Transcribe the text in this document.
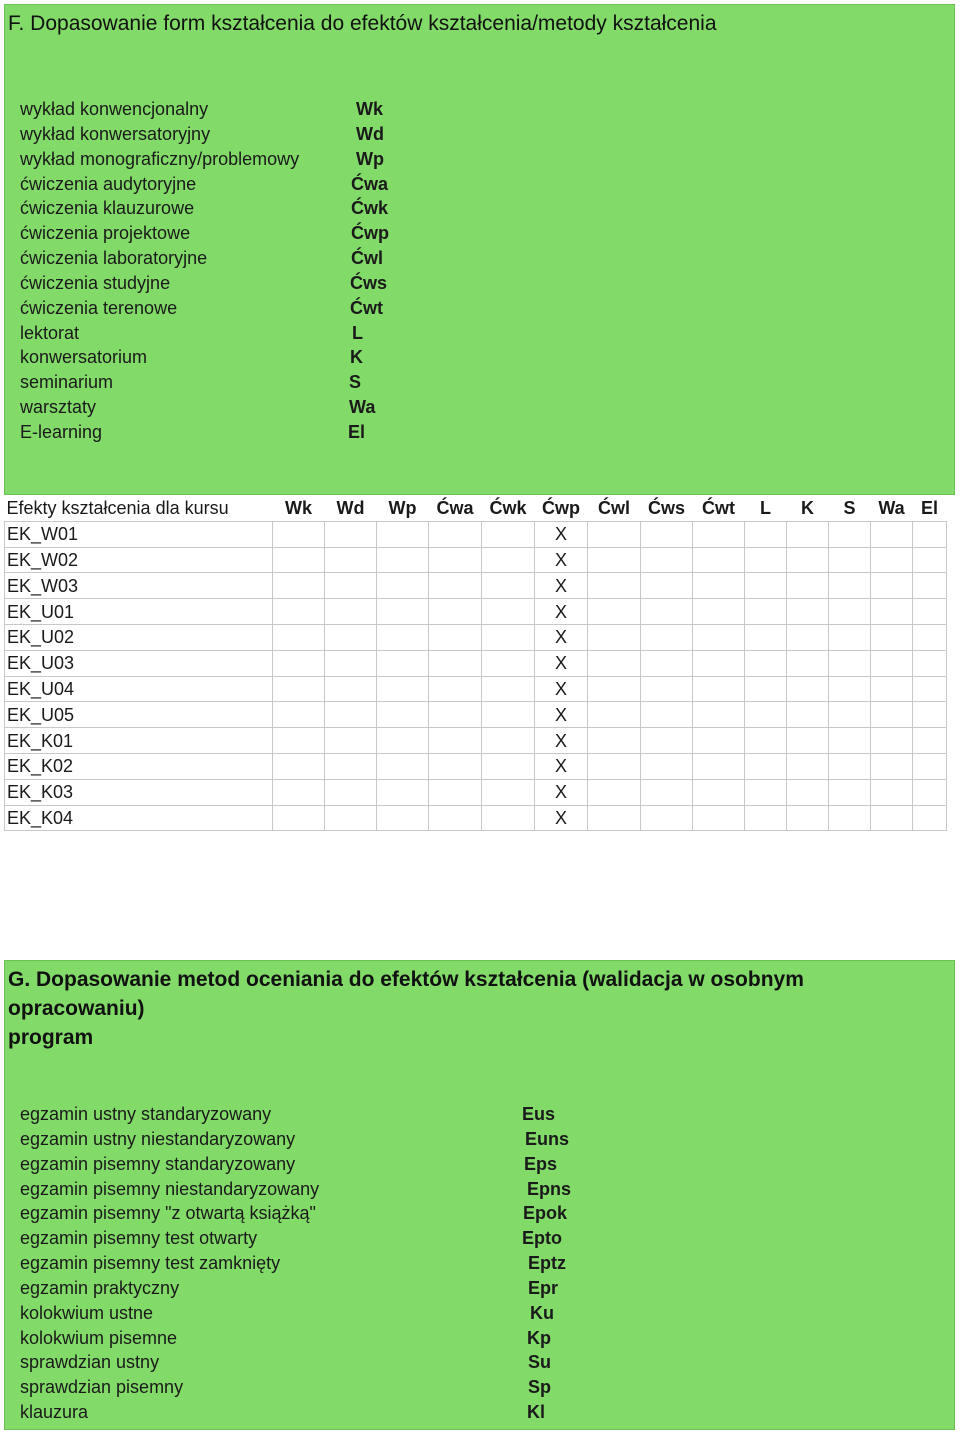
F. Dopasowanie form kształcenia do efektów kształcenia/metody kształcenia
wykład konwencjonalny	Wk
wykład konwersatoryjny	Wd
wykład monograficzny/problemowy	Wp
ćwiczenia audytoryjne	Ćwa
ćwiczenia klauzurowe	Ćwk
ćwiczenia projektowe	Ćwp
ćwiczenia laboratoryjne	Ćwl
ćwiczenia studyjne	Ćws
ćwiczenia terenowe	Ćwt
lektorat	L
konwersatorium	K
seminarium	S
warsztaty	Wa
E-learning	El
Efekty kształcenia dla kursu	Wk	Wd	Wp	Ćwa	Ćwk	Ćwp	Ćwl	Ćws	Ćwt	L	K	S	Wa	El
EK_W01						X								
EK_W02						X								
EK_W03						X								
EK_U01						X								
EK_U02						X								
EK_U03						X								
EK_U04						X								
EK_U05						X								
EK_K01						X								
EK_K02						X								
EK_K03						X								
EK_K04						X								
G. Dopasowanie metod oceniania do efektów kształcenia (walidacja w osobnym opracowaniu)
program
egzamin ustny standaryzowany	Eus
egzamin ustny niestandaryzowany	Euns
egzamin pisemny standaryzowany	Eps
egzamin pisemny niestandaryzowany	Epns
egzamin pisemny "z otwartą książką"	Epok
egzamin pisemny test otwarty	Epto
egzamin pisemny test zamknięty	Eptz
egzamin praktyczny	Epr
kolokwium ustne	Ku
kolokwium pisemne	Kp
sprawdzian ustny	Su
sprawdzian pisemny	Sp
klauzura	Kl
